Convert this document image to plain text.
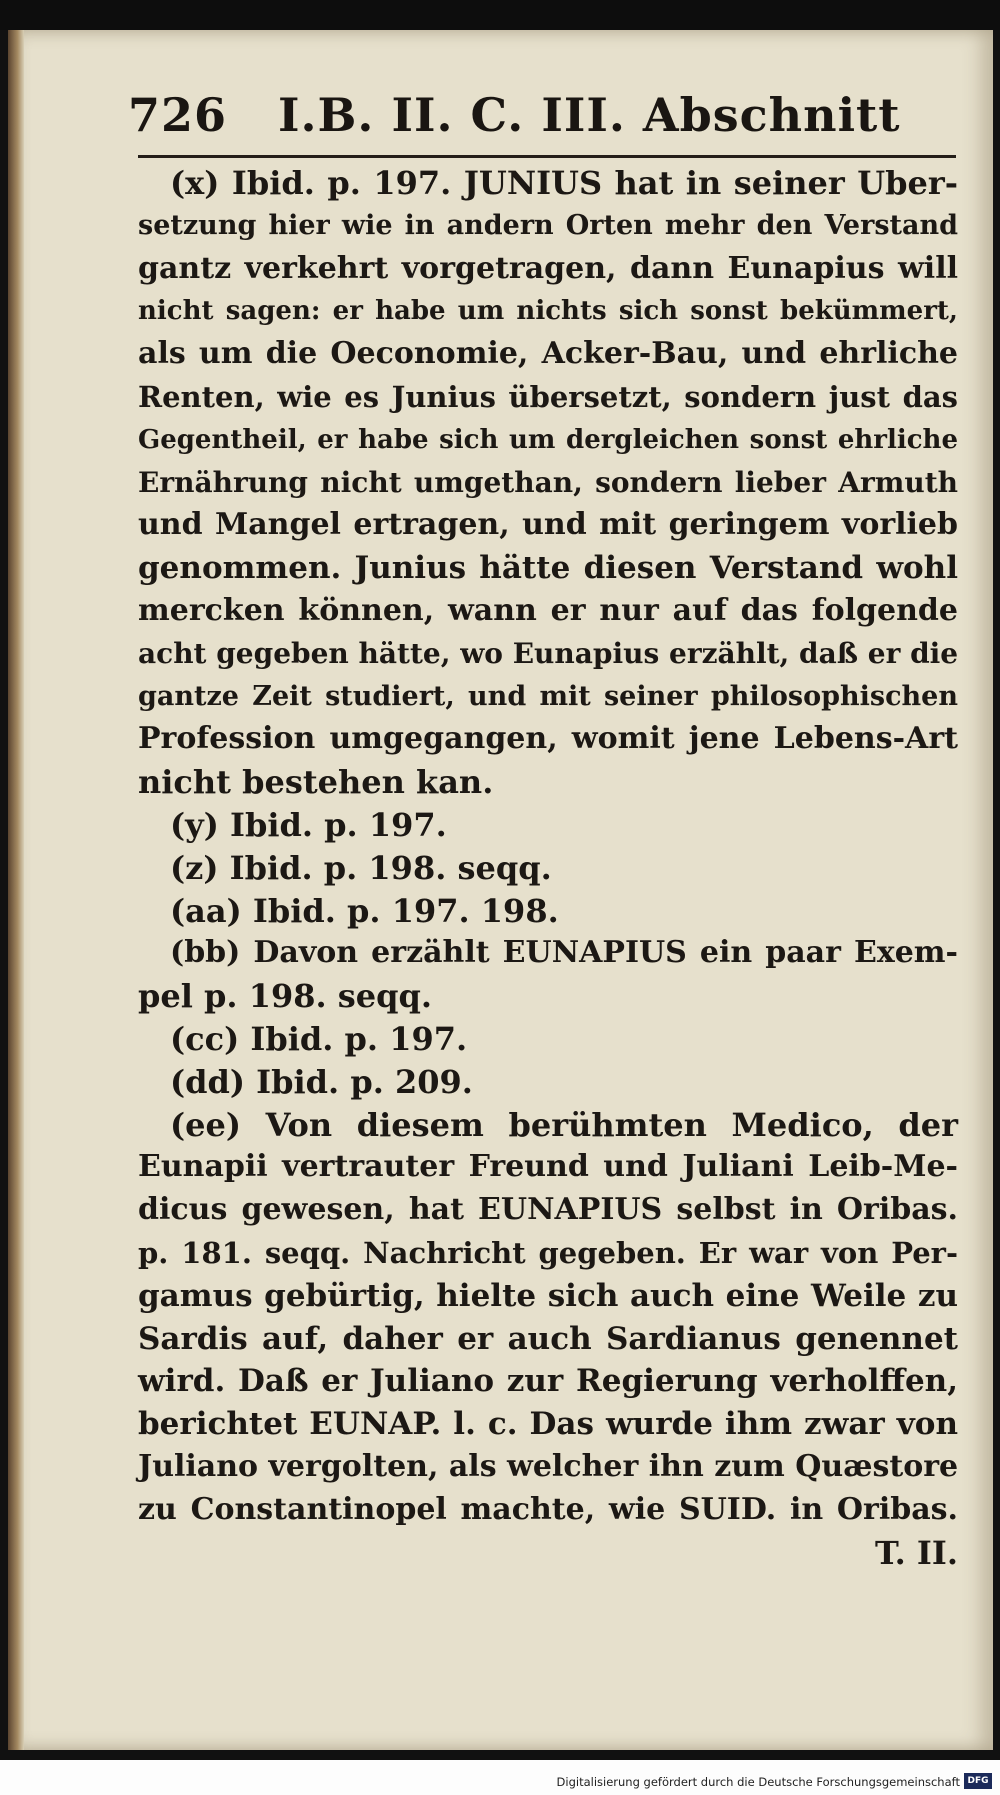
726 I.B. II. C. III. Abschnitt
(x) Ibid. p. 197. JUNIUS hat in seiner Uber-
setzung hier wie in andern Orten mehr den Verstand
gantz verkehrt vorgetragen, dann Eunapius will
nicht sagen: er habe um nichts sich sonst bekümmert,
als um die Oeconomie, Acker-Bau, und ehrliche
Renten, wie es Junius übersetzt, sondern just das
Gegentheil, er habe sich um dergleichen sonst ehrliche
Ernährung nicht umgethan, sondern lieber Armuth
und Mangel ertragen, und mit geringem vorlieb
genommen. Junius hätte diesen Verstand wohl
mercken können, wann er nur auf das folgende
acht gegeben hätte, wo Eunapius erzählt, daß er die
gantze Zeit studiert, und mit seiner philosophischen
Profession umgegangen, womit jene Lebens-Art
nicht bestehen kan.
(y) Ibid. p. 197.
(z) Ibid. p. 198. seqq.
(aa) Ibid. p. 197. 198.
(bb) Davon erzählt EUNAPIUS ein paar Exem-
pel p. 198. seqq.
(cc) Ibid. p. 197.
(dd) Ibid. p. 209.
(ee) Von diesem berühmten Medico, der
Eunapii vertrauter Freund und Juliani Leib-Me-
dicus gewesen, hat EUNAPIUS selbst in Oribas.
p. 181. seqq. Nachricht gegeben. Er war von Per-
gamus gebürtig, hielte sich auch eine Weile zu
Sardis auf, daher er auch Sardianus genennet
wird. Daß er Juliano zur Regierung verholffen,
berichtet EUNAP. l. c. Das wurde ihm zwar von
Juliano vergolten, als welcher ihn zum Quæstore
zu Constantinopel machte, wie SUID. in Oribas.
T. II.
Digitalisierung gefördert durch die Deutsche Forschungsgemeinschaft DFG
